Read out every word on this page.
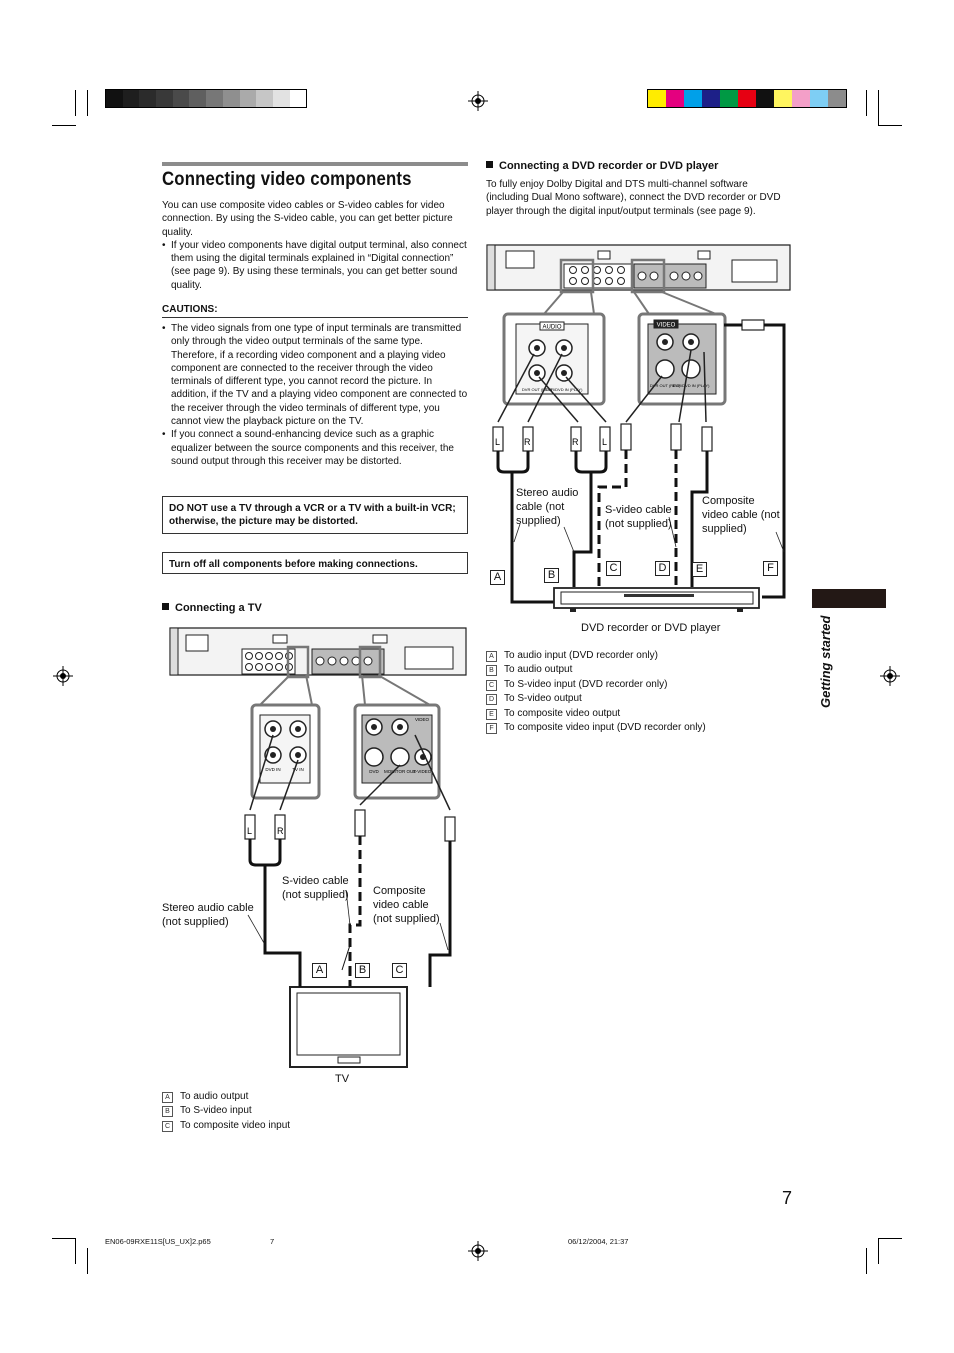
Connecting video components
You can use composite video cables or S-video cables for video connection. By using the S-video cable, you can get better picture quality.
• If your video components have digital output terminal, also connect them using the digital terminals explained in “Digital connection” (see page 9). By using these terminals, you can get better sound quality.
CAUTIONS:
• The video signals from one type of input terminals are transmitted only through the video output terminals of the same type. Therefore, if a recording video component and a playing video component are connected to the receiver through the video terminals of different type, you cannot record the picture. In addition, if the TV and a playing video component are connected to the receiver through the video terminals of different type, you cannot view the playback picture on the TV.
• If you connect a sound-enhancing device such as a graphic equalizer between the source components and this receiver, the sound output through this receiver may be distorted.
DO NOT use a TV through a VCR or a TV with a built-in VCR; otherwise, the picture may be distorted.
Turn off all components before making connections.
Connecting a TV
DVD IN	TV IN
VIDEO
DVD MONITOR OUT
S-VIDEO
L	R
A	B	C
Stereo audio cable (not supplied)
S-video cable (not supplied)	Composite video cable (not supplied)
TV
A To audio output
B To S-video input
C To composite video input
Connecting a DVD recorder or DVD player
To fully enjoy Dolby Digital and DTS multi-channel software (including Dual Mono software), connect the DVD recorder or DVD player through the digital input/output terminals (see page 9).
AUDIO
DVR OUT (REC)
DVR/DVD IN (PLAY)
VIDEO
DVR OUT (REC)
DVR/DVD IN (PLAY)
L	R	R	L
A	B
C	D	E	F
Stereo audio cable (not supplied)
S-video cable (not supplied)
Composite video cable (not supplied)
DVD recorder or DVD player
A To audio input (DVD recorder only)
B To audio output
C To S-video input (DVD recorder only)
D To S-video output
E To composite video output
F To composite video input (DVD recorder only)
Getting started
7
EN06-09RXE11S[US_UX]2.p65	7	06/12/2004, 21:37
